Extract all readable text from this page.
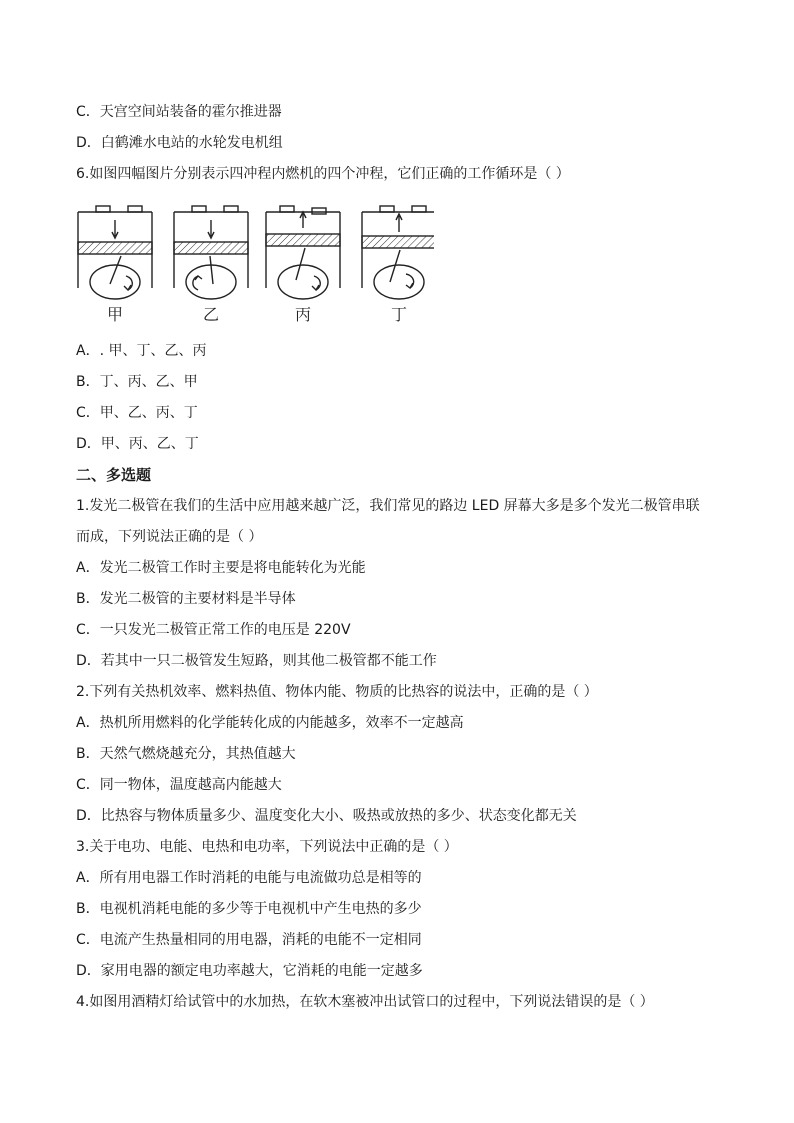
C．天宫空间站装备的霍尔推进器
D．白鹤滩水电站的水轮发电机组
6.如图四幅图片分别表示四冲程内燃机的四个冲程，它们正确的工作循环是（ ）
甲	乙	丙	丁
A．. 甲、丁、乙、丙
B．丁、丙、乙、甲
C．甲、乙、丙、丁
D．甲、丙、乙、丁
二、多选题
1.发光二极管在我们的生活中应用越来越广泛，我们常见的路边 LED 屏幕大多是多个发光二极管串联
而成，下列说法正确的是（ ）
A．发光二极管工作时主要是将电能转化为光能
B．发光二极管的主要材料是半导体
C．一只发光二极管正常工作的电压是 220V
D．若其中一只二极管发生短路，则其他二极管都不能工作
2.下列有关热机效率、燃料热值、物体内能、物质的比热容的说法中，正确的是（ ）
A．热机所用燃料的化学能转化成的内能越多，效率不一定越高
B．天然气燃烧越充分，其热值越大
C．同一物体，温度越高内能越大
D．比热容与物体质量多少、温度变化大小、吸热或放热的多少、状态变化都无关
3.关于电功、电能、电热和电功率，下列说法中正确的是（ ）
A．所有用电器工作时消耗的电能与电流做功总是相等的
B．电视机消耗电能的多少等于电视机中产生电热的多少
C．电流产生热量相同的用电器，消耗的电能不一定相同
D．家用电器的额定电功率越大，它消耗的电能一定越多
4.如图用酒精灯给试管中的水加热，在软木塞被冲出试管口的过程中，下列说法错误的是（ ）
